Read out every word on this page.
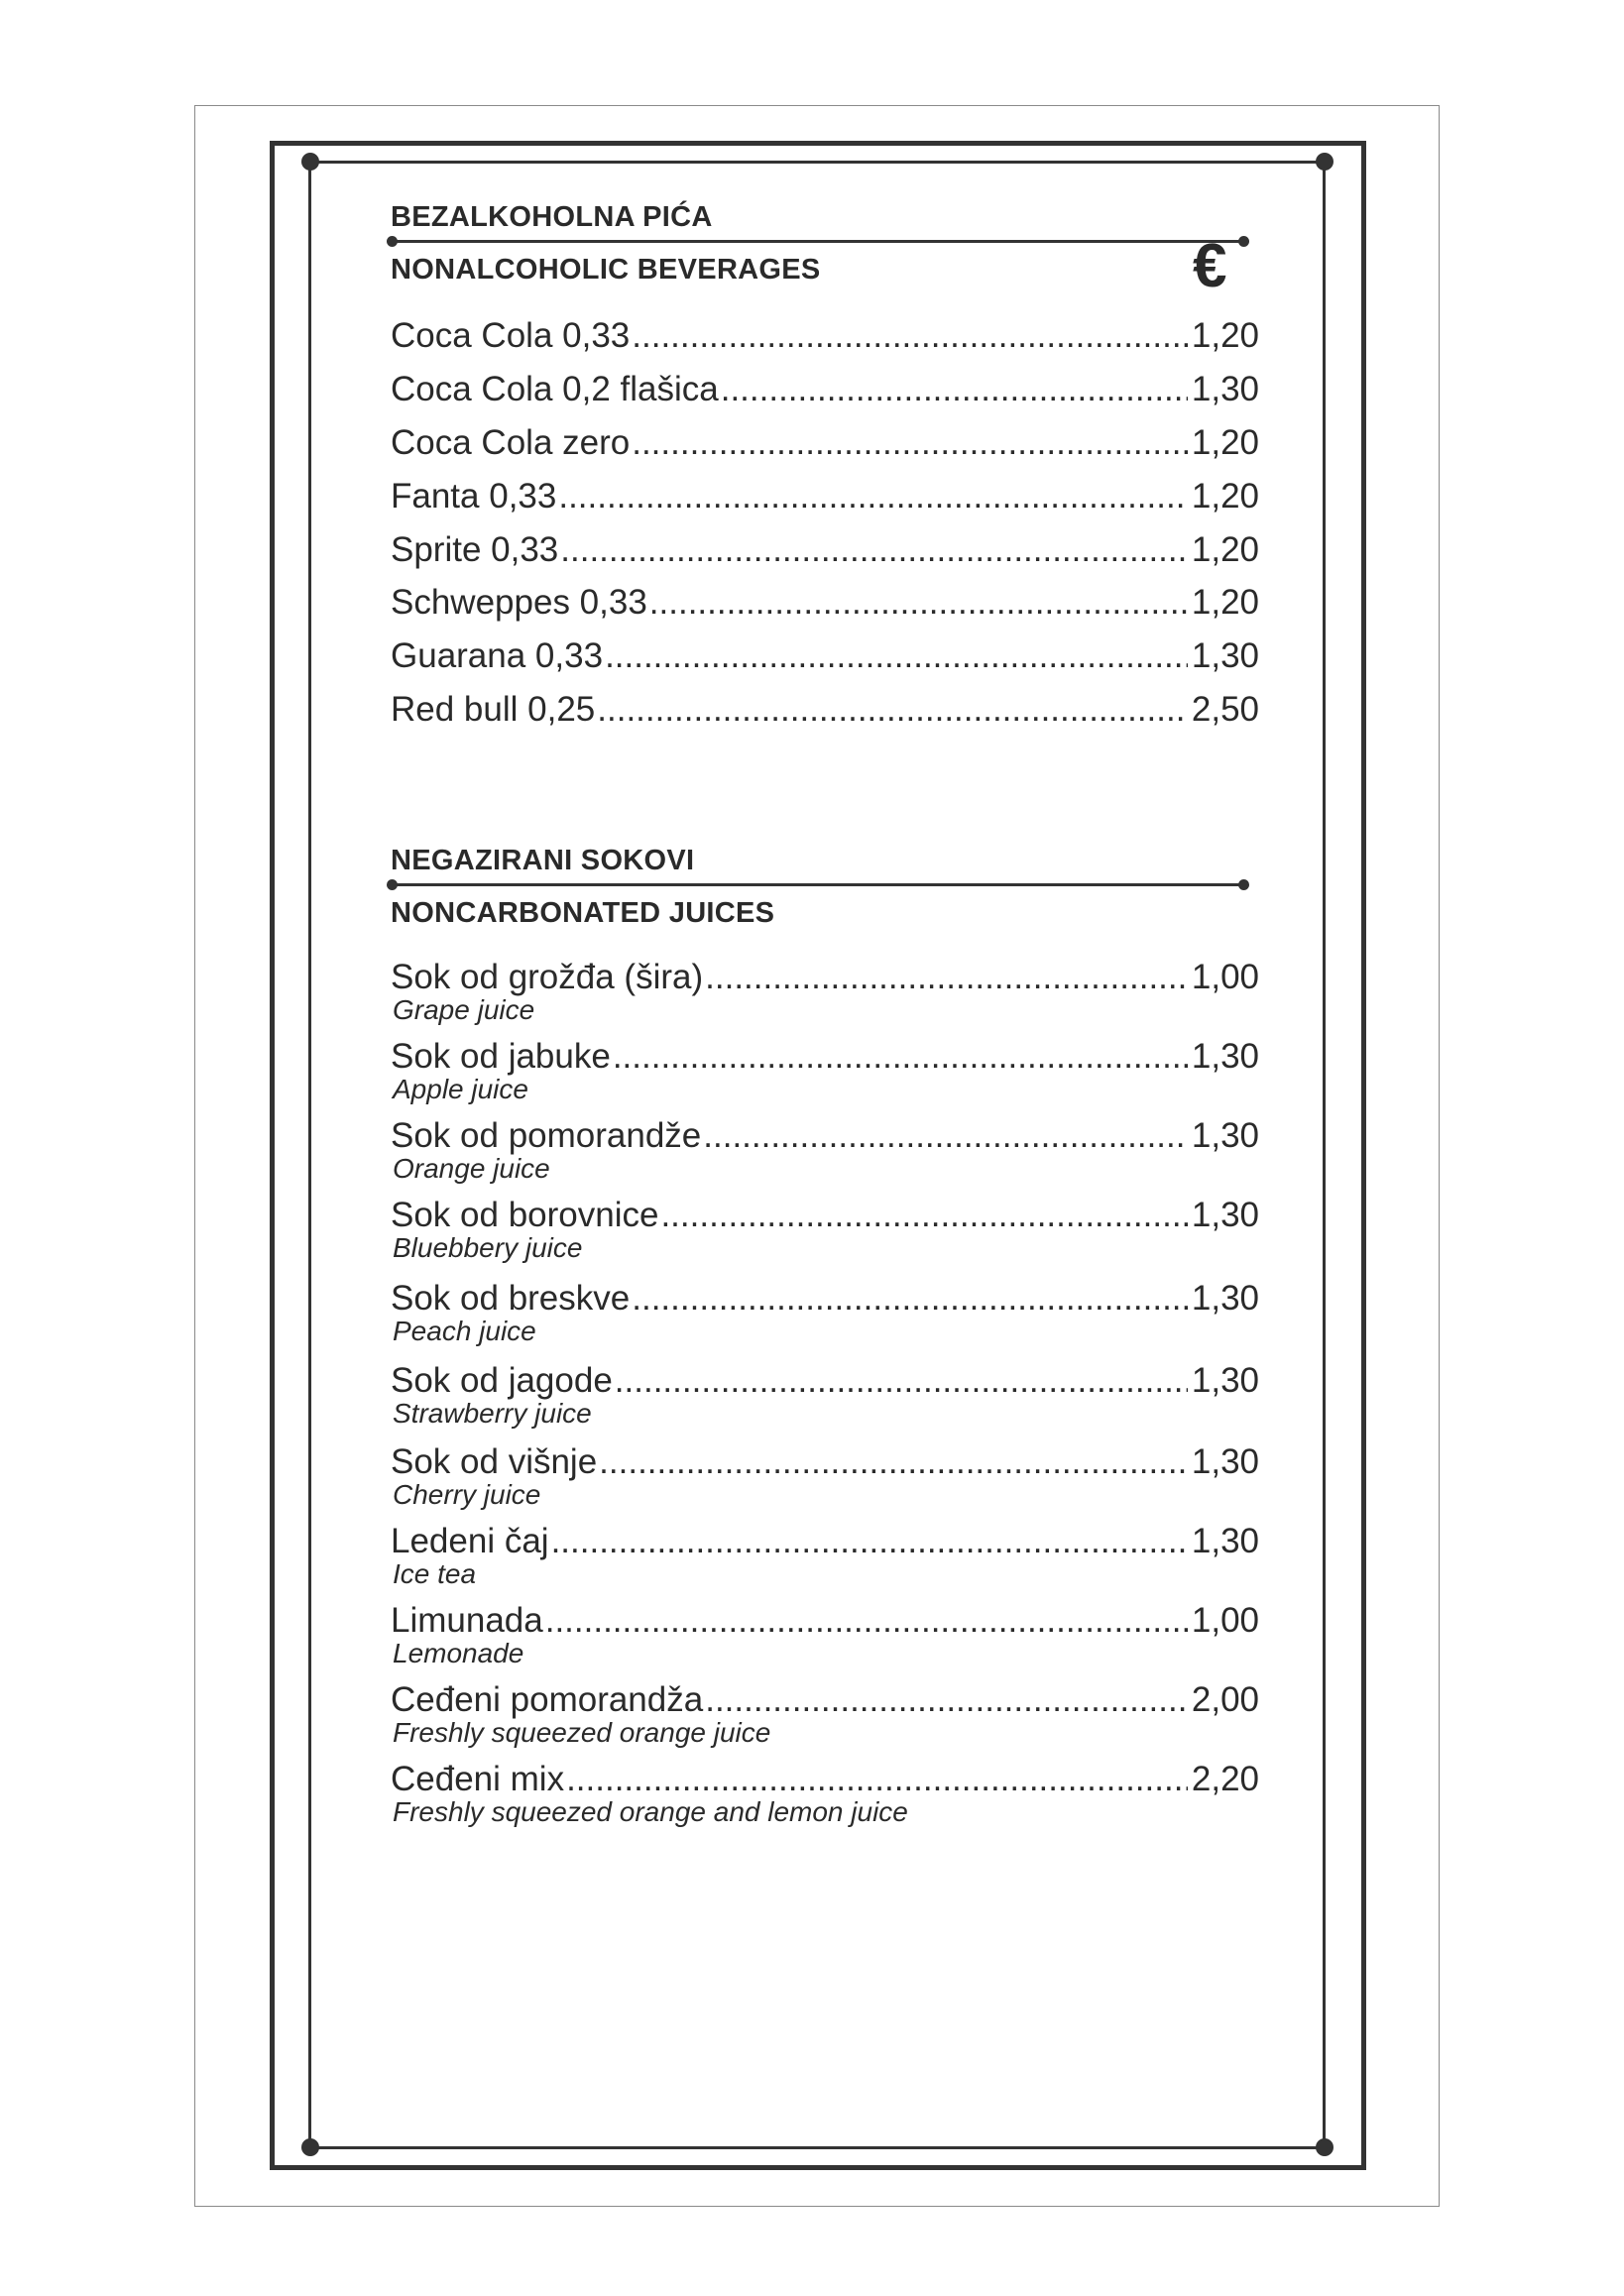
BEZALKOHOLNA PIĆA
NONALCOHOLIC BEVERAGES	€
Coca Cola 0,33 .....	1,20
Coca Cola 0,2 flašica .....	1,30
Coca Cola zero .....	1,20
Fanta 0,33 .....	1,20
Sprite 0,33 .....	1,20
Schweppes 0,33 .....	1,20
Guarana 0,33 .....	1,30
Red bull 0,25 .....	2,50
NEGAZIRANI SOKOVI
NONCARBONATED JUICES
Sok od grožđa (šira) .....	1,00
Grape juice
Sok od jabuke .....	1,30
Apple juice
Sok od pomorandže .....	1,30
Orange juice
Sok od borovnice .....	1,30
Bluebbery juice
Sok od breskve .....	1,30
Peach juice
Sok od jagode .....	1,30
Strawberry juice
Sok od višnje .....	1,30
Cherry juice
Ledeni čaj .....	1,30
Ice tea
Limunada .....	1,00
Lemonade
Ceđeni pomorandža .....	2,00
Freshly squeezed orange juice
Ceđeni mix .....	2,20
Freshly squeezed orange and lemon juice
